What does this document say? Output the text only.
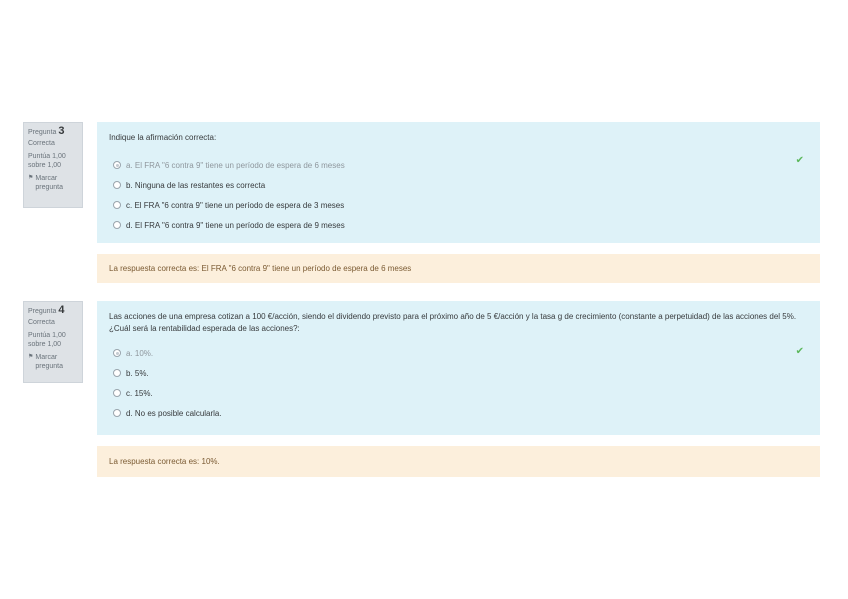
Pregunta 3
Correcta
Puntúa 1,00 sobre 1,00
⚑ Marcar pregunta
Indique la afirmación correcta:
a. El FRA "6 contra 9" tiene un período de espera de 6 meses
b. Ninguna de las restantes es correcta
c. El FRA "6 contra 9" tiene un período de espera de 3 meses
d. El FRA "6 contra 9" tiene un período de espera de 9 meses
✔
La respuesta correcta es: El FRA "6 contra 9" tiene un período de espera de 6 meses
Pregunta 4
Correcta
Puntúa 1,00 sobre 1,00
⚑ Marcar pregunta
Las acciones de una empresa cotizan a 100 €/acción, siendo el dividendo previsto para el próximo año de 5 €/acción y la tasa g de crecimiento (constante a perpetuidad) de las acciones del 5%. ¿Cuál será la rentabilidad esperada de las acciones?:
a. 10%.
b. 5%.
c. 15%.
d. No es posible calcularla.
✔
La respuesta correcta es: 10%.
